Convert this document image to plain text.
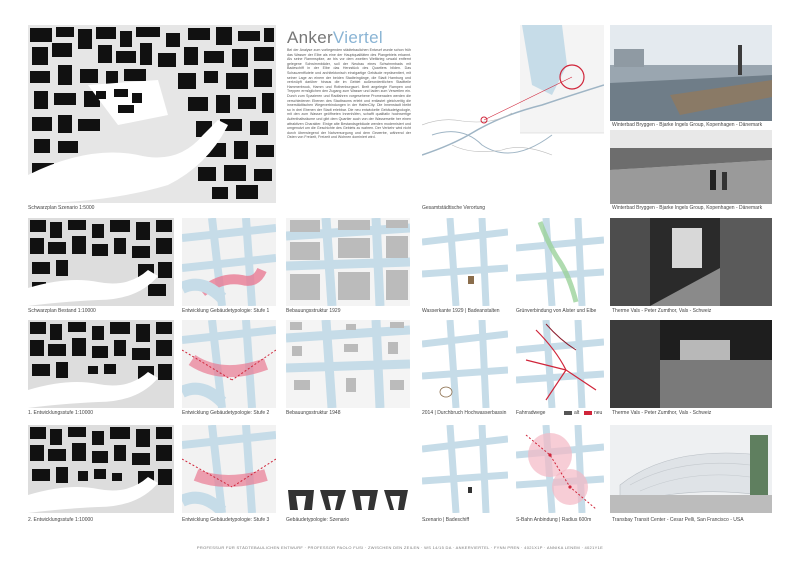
AnkerViertel
Bei der Analyse zum vorliegenden städtebaulichen Entwurf wurde schon früh das Wasser der Elbe als eine der Hauptqualitäten des Plangebiets erkannt. Als seine Rammspitze, an bis vor dem zweiten Weltkrieg urwald entfernt gelegene Schwimmbäder, soll der Neubau eines Schwimmbads mit Badeschiff in der Elbe das Herzstück des Quartiers bilden. Das Schauzentflutete und architektonisch einzigartige Gebäude repräsentiert, mit seiner Lage an einem der beiden Stadteingänge, die Stadt Hamburg und verknüpft darüber hinaus die im Gebiet außerordentlichen Stadtteile Hammerbrook, Hamm und Rothenburgsort. Breit angelegte Rampen und Treppen ermöglichen den Zugang zum Wasser und laden zum Verweilen ein. Durch zum Spazieren und Radfahren vorgesehene Promenaden werden die verschiedenen Ebenen des Stadtraums erlebt und entlastet gleichzeitig die innerstädtischen Wegeverbindungen in der HafenCity. Die Innenstadt bleibt so in drei Ebenen der Stadt erlebbar. Die neu entwickelte Gebäudetypologie, mit den zum Wasser geöffneten Innenhöfen, schafft qualitativ hochwertige Aufenthaltsräume und gibt dem Quartier auch von der Wasserseite her einen attraktiven Charakter. Einige alte Bestandsgebäude werden modernisiert und umgenutzt um die Geschichte des Gebiets zu wahren. Der Verkehr wird nicht durch überwiegend der Nahversorgung und dem Gewerbe, während der Osten von Freizeit, Freizeit und Wohnen dominiert wird.
Schwarzplan Szenario 1:5000	Gesamtstädtische Verortung
Winterbad Bryggen - Bjarke Ingels Group, Kopenhagen - Dänemark
Winterbad Bryggen - Bjarke Ingels Group, Kopenhagen - Dänemark
Schwarzplan Bestand 1:10000	Entwicklung Gebäudetypologie: Stufe 1	Bebauungsstruktur 1929	Wasserkante 1929 | Badeanstalten	Grünverbindung von Alster und Elbe	Therme Vals - Peter Zumthor, Vals - Schweiz
1. Entwicklungsstufe 1:10000	Entwicklung Gebäudetypologie: Stufe 2	Bebauungsstruktur 1948	2014 | Durchbruch Hochwasserbassin Fahrradwege	alt	neu Therme Vals - Peter Zumthor, Vals - Schweiz
2. Entwicklungsstufe 1:10000	Entwicklung Gebäudetypologie: Stufe 3	Gebäudetypologie: Szenario	Szenario | Badeschiff	S-Bahn Anbindung | Radius 600m	Transbay Transit Center - Cesar Pelli, San Francisco - USA
PROFESSUR FÜR STÄDTEBAULICHEN ENTWURF · PROFESSOR PAOLO FUSI · ZWISCHEN DEN ZEILEN · WS 14/15 DA · ANKERVIERTEL · FYNN PREN · 4021X1P · ANNIKA LENEM · 4021Y1E
